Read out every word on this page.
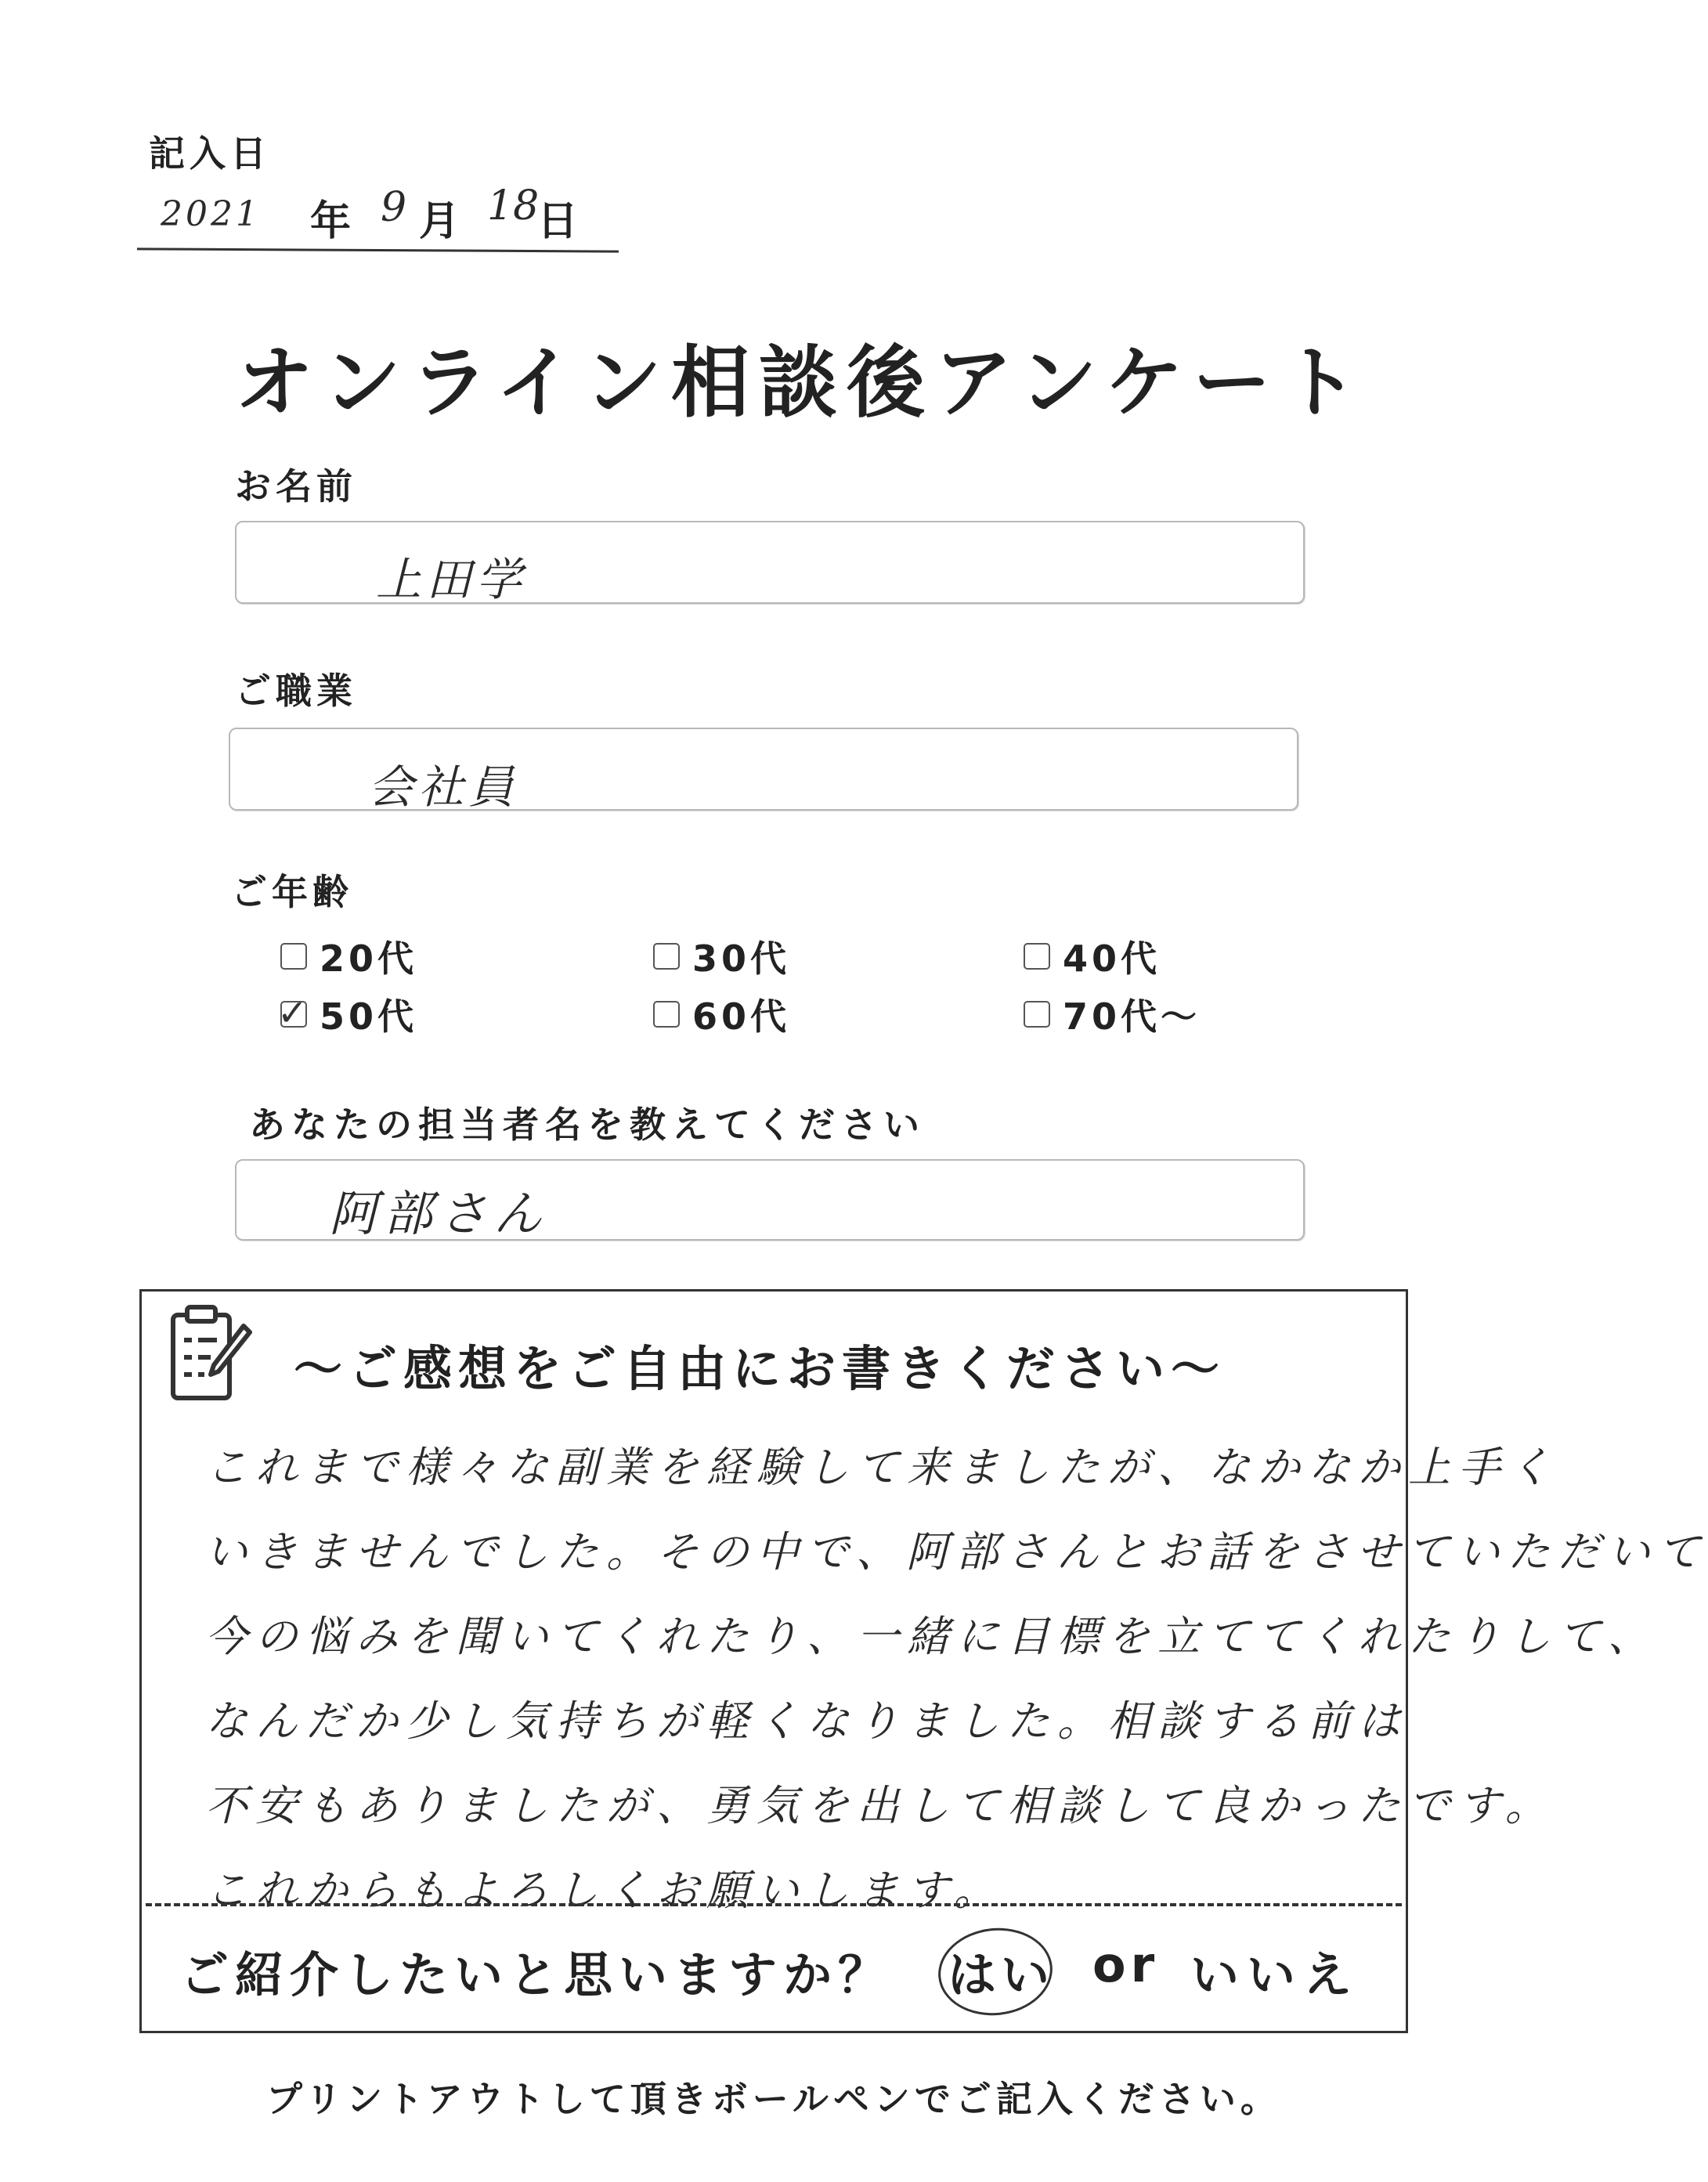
記入日
2021 年 9 月 18
日
オンライン相談後アンケート
お名前
上田学
ご職業
会社員
ご年齢
20代	30代	40代
✓ 50代	60代	70代～
あなたの担当者名を教えてください
阿部さん
～ご感想をご自由にお書きください～
これまで様々な副業を経験して来ましたが、なかなか上手く
いきませんでした。その中で、阿部さんとお話をさせていただいて
今の悩みを聞いてくれたり、一緒に目標を立ててくれたりして、
なんだか少し気持ちが軽くなりました。相談する前は
不安もありましたが、勇気を出して相談して良かったです。
これからもよろしくお願いします。
ご紹介したいと思いますか？ はい or いいえ
プリントアウトして頂きボールペンでご記入ください。
